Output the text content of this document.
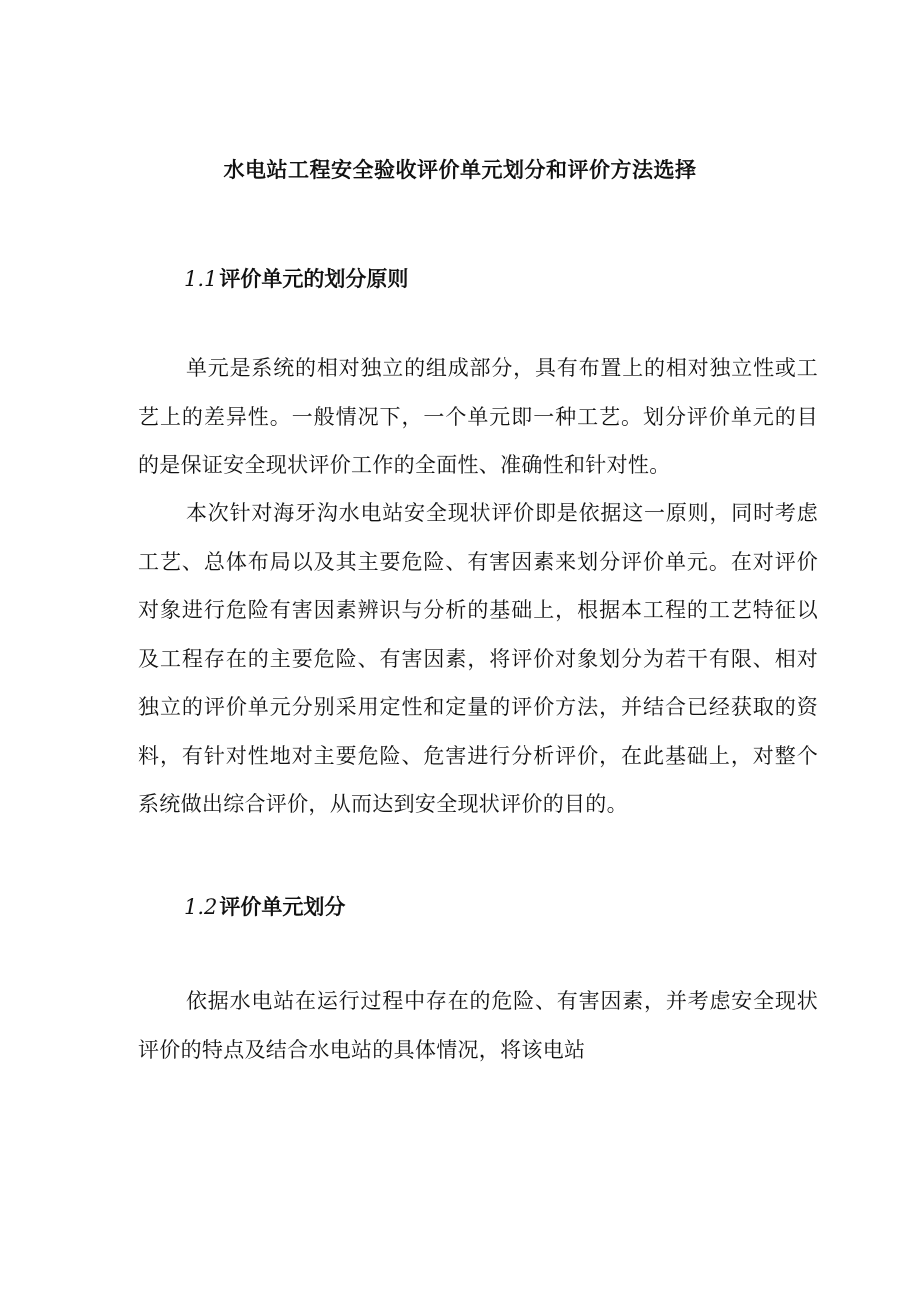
水电站工程安全验收评价单元划分和评价方法选择
1.1评价单元的划分原则

单元是系统的相对独立的组成部分，具有布置上的相对独立性或工艺上的差异性。一般情况下，一个单元即一种工艺。划分评价单元的目的是保证安全现状评价工作的全面性、准确性和针对性。

本次针对海牙沟水电站安全现状评价即是依据这一原则，同时考虑工艺、总体布局以及其主要危险、有害因素来划分评价单元。在对评价对象进行危险有害因素辨识与分析的基础上，根据本工程的工艺特征以及工程存在的主要危险、有害因素，将评价对象划分为若干有限、相对独立的评价单元分别采用定性和定量的评价方法，并结合已经获取的资料，有针对性地对主要危险、危害进行分析评价，在此基础上，对整个系统做出综合评价，从而达到安全现状评价的目的。

1.2评价单元划分

依据水电站在运行过程中存在的危险、有害因素，并考虑安全现状评价的特点及结合水电站的具体情况，将该电站
